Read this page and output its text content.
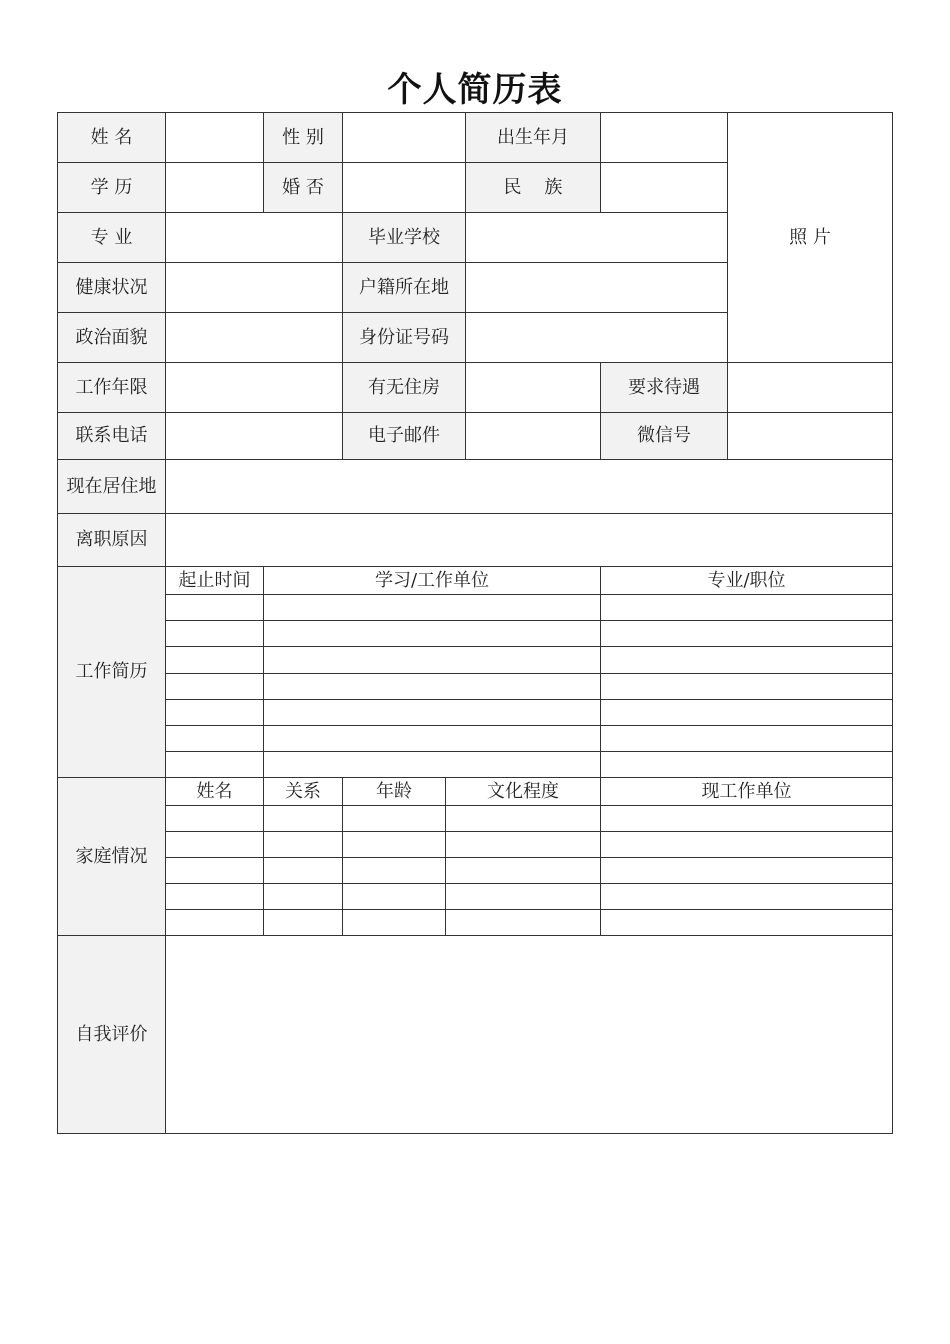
个人简历表
姓 名		性 别			出生年月		照 片
学 历		婚 否			民    族		
专 业			毕业学校				
健康状况			户籍所在地				
政治面貌			身份证号码				
工作年限			有无住房			要求待遇	
联系电话			电子邮件			微信号	
现在居住地							
离职原因							
工作简历	起止时间	学习/工作单位				专业/职位	

家庭情况	姓名	关系	年龄	文化程度		现工作单位	

自我评价							
